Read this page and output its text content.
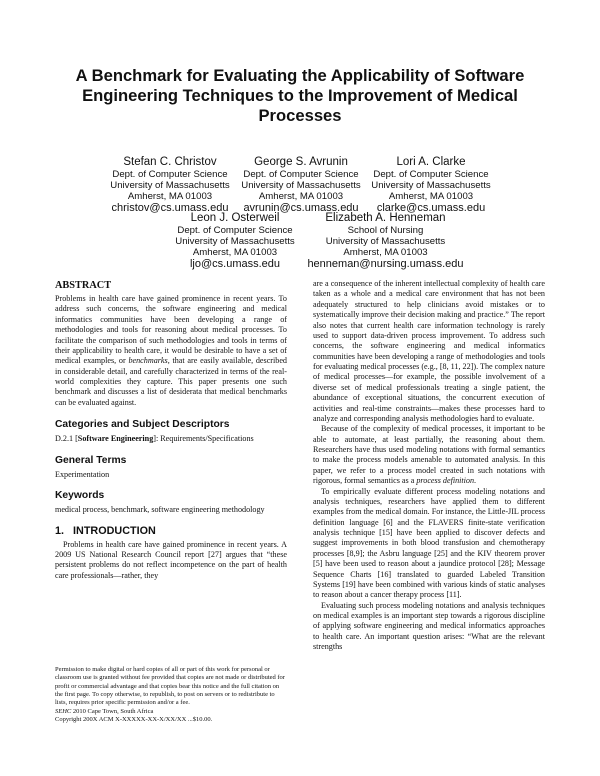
A Benchmark for Evaluating the Applicability of Software Engineering Techniques to the Improvement of Medical Processes
Stefan C. Christov
Dept. of Computer Science
University of Massachusetts
Amherst, MA 01003
christov@cs.umass.edu
George S. Avrunin
Dept. of Computer Science
University of Massachusetts
Amherst, MA 01003
avrunin@cs.umass.edu
Lori A. Clarke
Dept. of Computer Science
University of Massachusetts
Amherst, MA 01003
clarke@cs.umass.edu
Leon J. Osterweil
Dept. of Computer Science
University of Massachusetts
Amherst, MA 01003
ljo@cs.umass.edu
Elizabeth A. Henneman
School of Nursing
University of Massachusetts
Amherst, MA 01003
henneman@nursing.umass.edu
ABSTRACT

Problems in health care have gained prominence in recent years. To address such concerns, the software engineering and medical informatics communities have been developing a range of methodologies and tools for reasoning about medical processes. To facilitate the comparison of such methodologies and tools in terms of their applicability to health care, it would be desirable to have a set of medical examples, or benchmarks, that are easily available, described in considerable detail, and carefully characterized in terms of the real-world complexities they capture. This paper presents one such benchmark and discusses a list of desiderata that medical benchmarks can be evaluated against.

Categories and Subject Descriptors

D.2.1 [Software Engineering]: Requirements/Specifications

General Terms

Experimentation

Keywords

medical process, benchmark, software engineering methodology

1. INTRODUCTION

Problems in health care have gained prominence in recent years. A 2009 US National Research Council report [27] argues that “these persistent problems do not reflect incompetence on the part of health care professionals—rather, they

Permission to make digital or hard copies of all or part of this work for personal or classroom use is granted without fee provided that copies are not made or distributed for profit or commercial advantage and that copies bear this notice and the full citation on the first page. To copy otherwise, to republish, to post on servers or to redistribute to lists, requires prior specific permission and/or a fee.

SEHC 2010 Cape Town, South Africa

Copyright 200X ACM X-XXXXX-XX-X/XX/XX ...$10.00.

are a consequence of the inherent intellectual complexity of health care taken as a whole and a medical care environment that has not been adequately structured to help clinicians avoid mistakes or to systematically improve their decision making and practice.” The report also notes that current health care information technology is rarely used to support data-driven process improvement. To address such concerns, the software engineering and medical informatics communities have been developing a range of methodologies and tools for evaluating medical processes (e.g., [8, 11, 22]). The complex nature of medical processes—for example, the possible involvement of a diverse set of medical professionals treating a single patient, the abundance of exceptional situations, the concurrent execution of activities and real-time constraints—makes these processes hard to analyze and corresponding analysis methodologies hard to evaluate.

Because of the complexity of medical processes, it important to be able to automate, at least partially, the reasoning about them. Researchers have thus used modeling notations with formal semantics to make the process models amenable to automated analysis. In this paper, we refer to a process model created in such notations with rigorous, formal semantics as a process definition.

To empirically evaluate different process modeling notations and analysis techniques, researchers have applied them to different examples from the medical domain. For instance, the Little-JIL process definition language [6] and the FLAVERS finite-state verification analysis technique [15] have been applied to discover defects and suggest improvements in both blood transfusion and chemotherapy processes [8,9]; the Asbru language [25] and the KIV theorem prover [5] have been used to reason about a jaundice protocol [28]; Message Sequence Charts [16] translated to guarded Labeled Transition Systems [19] have been combined with various kinds of static analyses to reason about a cancer therapy process [11].

Evaluating such process modeling notations and analysis techniques on medical examples is an important step towards a rigorous discipline of applying software engineering and medical informatics approaches to health care. An important question arises: “What are the relevant strengths
